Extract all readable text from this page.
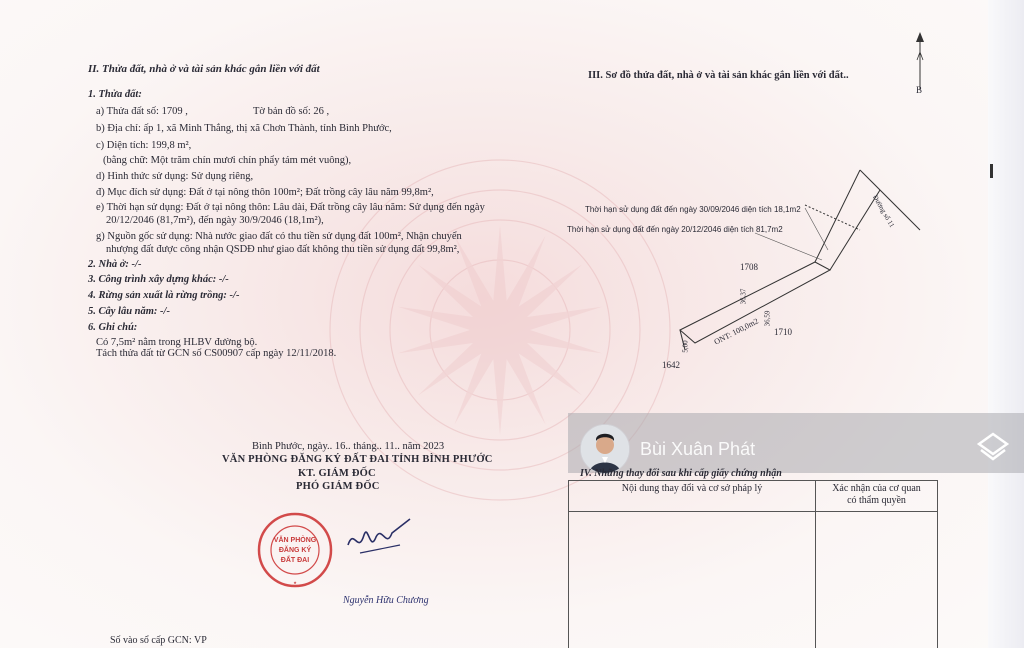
II. Thửa đất, nhà ở và tài sản khác gắn liền với đất
1. Thửa đất:
a) Thửa đất số: 1709 ,	Tờ bản đồ số: 26 ,
b) Địa chỉ: ấp 1, xã Minh Thắng, thị xã Chơn Thành, tỉnh Bình Phước,
c) Diện tích: 199,8 m²,
(bằng chữ: Một trăm chín mươi chín phẩy tám mét vuông),
d) Hình thức sử dụng: Sử dụng riêng,
đ) Mục đích sử dụng: Đất ở tại nông thôn 100m²; Đất trồng cây lâu năm 99,8m²,
e) Thời hạn sử dụng: Đất ở tại nông thôn: Lâu dài, Đất trồng cây lâu năm: Sử dụng đến ngày
20/12/2046 (81,7m²), đến ngày 30/9/2046 (18,1m²),
g) Nguồn gốc sử dụng: Nhà nước giao đất có thu tiền sử dụng đất 100m², Nhận chuyển
nhượng đất được công nhận QSDĐ như giao đất không thu tiền sử dụng đất 99,8m²,
2. Nhà ở: -/-
3. Công trình xây dựng khác: -/-
4. Rừng sản xuất là rừng trồng: -/-
5. Cây lâu năm: -/-
6. Ghi chú:
Có 7,5m² nằm trong HLBV đường bộ.
Tách thửa đất từ GCN số CS00907 cấp ngày 12/11/2018.
Bình Phước, ngày.. 16.. tháng.. 11.. năm 2023
VĂN PHÒNG ĐĂNG KÝ ĐẤT ĐAI TỈNH BÌNH PHƯỚC
KT. GIÁM ĐỐC
PHÓ GIÁM ĐỐC
VĂN PHÒNG
ĐĂNG KÝ
ĐẤT ĐAI
★
Nguyễn Hữu Chương
Số vào sổ cấp GCN: VP
III. Sơ đồ thửa đất, nhà ở và tài sản khác gắn liền với đất..
B
Thời hạn sử dụng đất đến ngày 30/09/2046 diện tích 18,1m2
Thời hạn sử dụng đất đến ngày 20/12/2046 diện tích 81,7m2
1708
1710
1642
ONT: 100,0m2
Đường số 11
36,37
36,59
5,00
Bùi Xuân Phát
IV. Những thay đổi sau khi cấp giấy chứng nhận
Nội dung thay đổi và cơ sở pháp lý	Xác nhận của cơ quan
có thẩm quyền
